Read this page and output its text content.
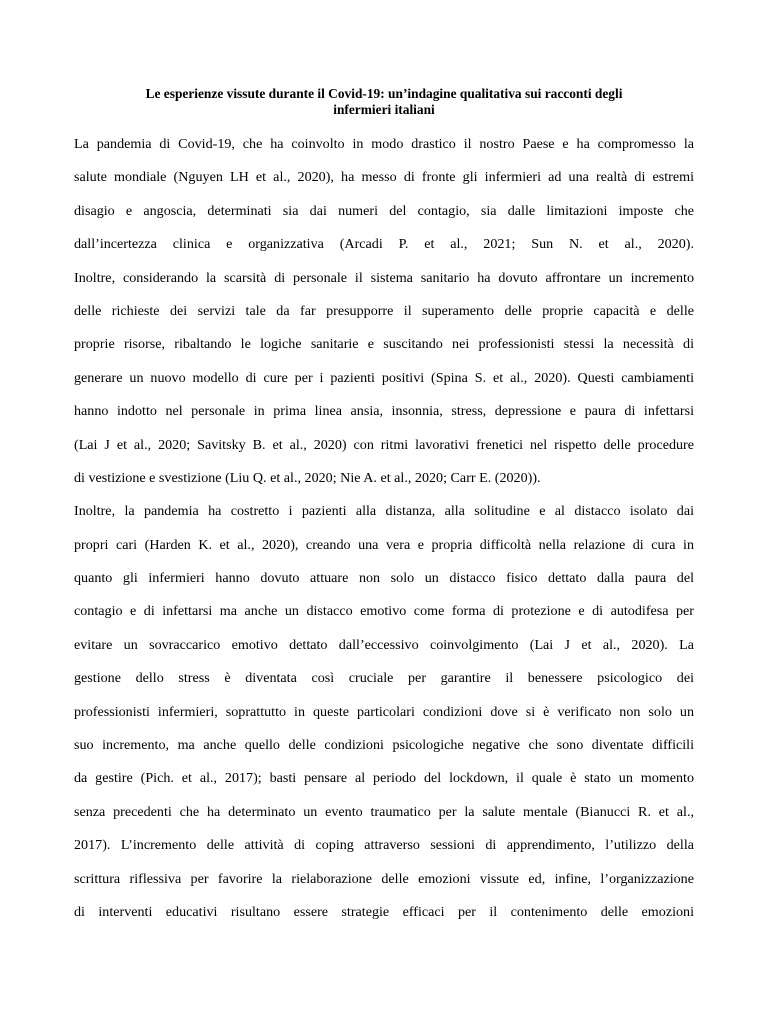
Le esperienze vissute durante il Covid-19: un’indagine qualitativa sui racconti degli
infermieri italiani
La pandemia di Covid-19, che ha coinvolto in modo drastico il nostro Paese e ha compromesso la
salute mondiale (Nguyen LH et al., 2020), ha messo di fronte gli infermieri ad una realtà di estremi
disagio e angoscia, determinati sia dai numeri del contagio, sia dalle limitazioni imposte che
dall’incertezza clinica e organizzativa (Arcadi P. et al., 2021; Sun N. et al., 2020).
Inoltre, considerando la scarsità di personale il sistema sanitario ha dovuto affrontare un incremento
delle richieste dei servizi tale da far presupporre il superamento delle proprie capacità e delle
proprie risorse, ribaltando le logiche sanitarie e suscitando nei professionisti stessi la necessità di
generare un nuovo modello di cure per i pazienti positivi (Spina S. et al., 2020). Questi cambiamenti
hanno indotto nel personale in prima linea ansia, insonnia, stress, depressione e paura di infettarsi
(Lai J et al., 2020; Savitsky B. et al., 2020) con ritmi lavorativi frenetici nel rispetto delle procedure
di vestizione e svestizione (Liu Q. et al., 2020; Nie A. et al., 2020; Carr E. (2020)).
Inoltre, la pandemia ha costretto i pazienti alla distanza, alla solitudine e al distacco isolato dai
propri cari (Harden K. et al., 2020), creando una vera e propria difficoltà nella relazione di cura in
quanto gli infermieri hanno dovuto attuare non solo un distacco fisico dettato dalla paura del
contagio e di infettarsi ma anche un distacco emotivo come forma di protezione e di autodifesa per
evitare un sovraccarico emotivo dettato dall’eccessivo coinvolgimento (Lai J et al., 2020). La
gestione dello stress è diventata così cruciale per garantire il benessere psicologico dei
professionisti infermieri, soprattutto in queste particolari condizioni dove si è verificato non solo un
suo incremento, ma anche quello delle condizioni psicologiche negative che sono diventate difficili
da gestire (Pich. et al., 2017); basti pensare al periodo del lockdown, il quale è stato un momento
senza precedenti che ha determinato un evento traumatico per la salute mentale (Bianucci R. et al.,
2017). L’incremento delle attività di coping attraverso sessioni di apprendimento, l’utilizzo della
scrittura riflessiva per favorire la rielaborazione delle emozioni vissute ed, infine, l’organizzazione
di interventi educativi risultano essere strategie efficaci per il contenimento delle emozioni
